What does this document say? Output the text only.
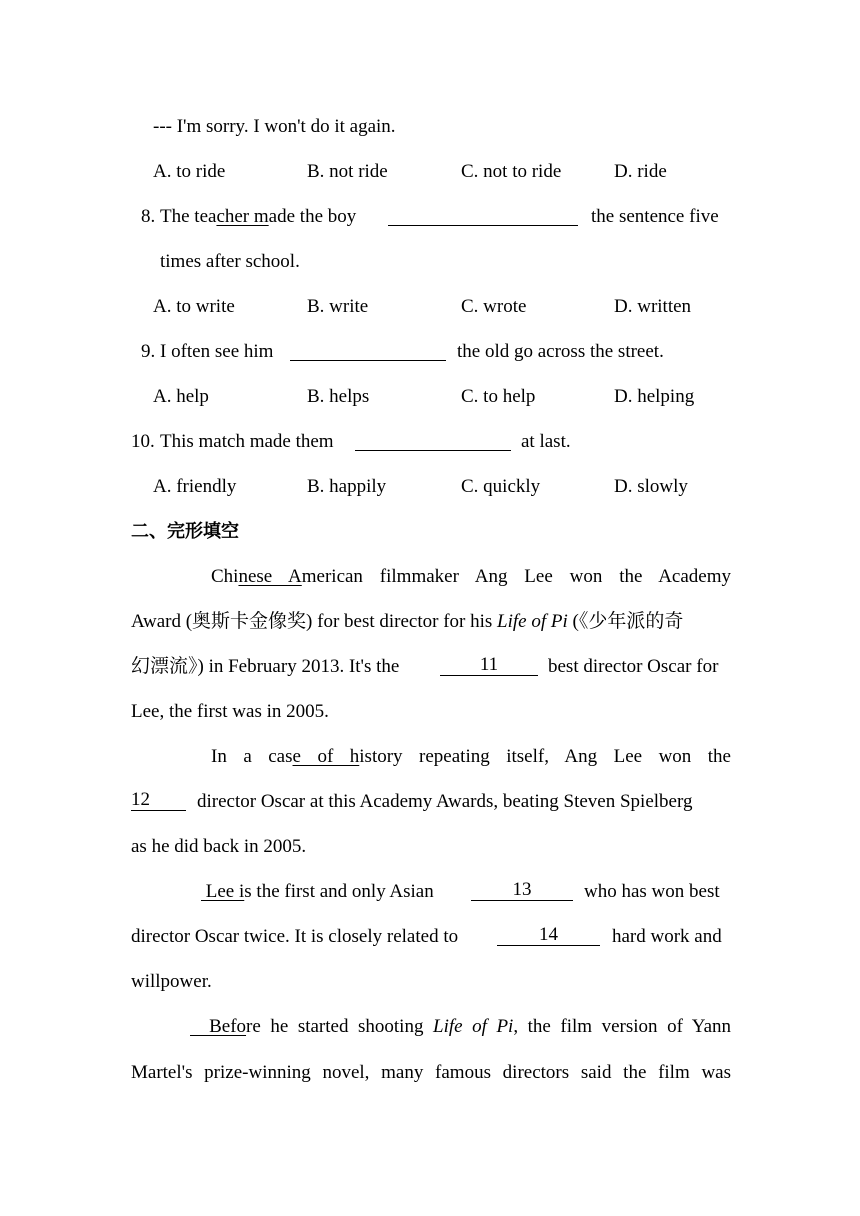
--- I'm sorry. I won't do it again.
A. to ride	B. not ride	C. not to ride	D. ride
8. The teacher made the boy	the sentence five
times after school.
A. to write	B. write	C. wrote	D. written
9. I often see him	the old go across the street.
A. help	B. helps	C. to help	D. helping
10. This match made them	at last.
A. friendly	B. happily	C. quickly	D. slowly
二、完形填空
Chinese American filmmaker Ang Lee won the Academy
Award (奥斯卡金像奖) for best director for his Life of Pi (《少年派的奇
幻漂流》) in February 2013. It's the	11	best director Oscar for
Lee, the first was in 2005.
In a case of history repeating itself, Ang Lee won the
12	director Oscar at this Academy Awards, beating Steven Spielberg
as he did back in 2005.
Lee is the first and only Asian	13	who has won best
director Oscar twice. It is closely related to	14	hard work and
willpower.
Before he started shooting Life of Pi, the film version of Yann
Martel's prize-winning novel, many famous directors said the film was
